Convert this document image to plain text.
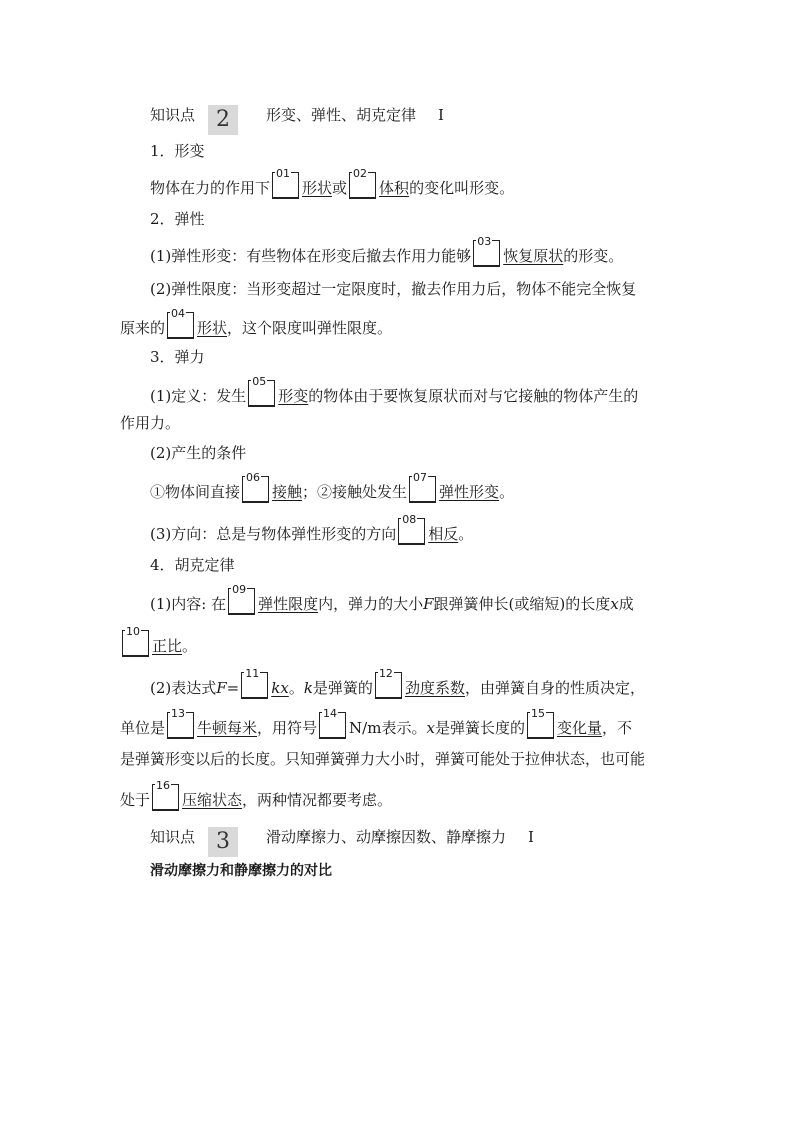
知识点 2 形变、弹性、胡克定律 Ⅰ
1．形变
物体在力的作用下
01
形状或
02
体积的变化叫形变。
2．弹性
(1)弹性形变：有些物体在形变后撤去作用力能够
03
恢复原状的形变。
(2)弹性限度：当形变超过一定限度时，撤去作用力后，物体不能完全恢复
原来的
04
形状，这个限度叫弹性限度。
3．弹力
(1)定义：发生
05
形变的物体由于要恢复原状而对与它接触的物体产生的
作用力。
(2)产生的条件
①物体间直接
06
接触；②接触处发生
07
弹性形变。
(3)方向：总是与物体弹性形变的方向
08
相反。
4．胡克定律
(1)内容: 在
09
弹性限度内，弹力的大小F跟弹簧伸长(或缩短)的长度x成
10
正比。
(2)表达式F=
11
kx。k是弹簧的
12
劲度系数，由弹簧自身的性质决定，
单位是
13
牛顿每米，用符号
14
N/m表示。x是弹簧长度的
15
变化量，不
是弹簧形变以后的长度。只知弹簧弹力大小时，弹簧可能处于拉伸状态，也可能
处于
16
压缩状态，两种情况都要考虑。
知识点 3 滑动摩擦力、动摩擦因数、静摩擦力 Ⅰ
滑动摩擦力和静摩擦力的对比
